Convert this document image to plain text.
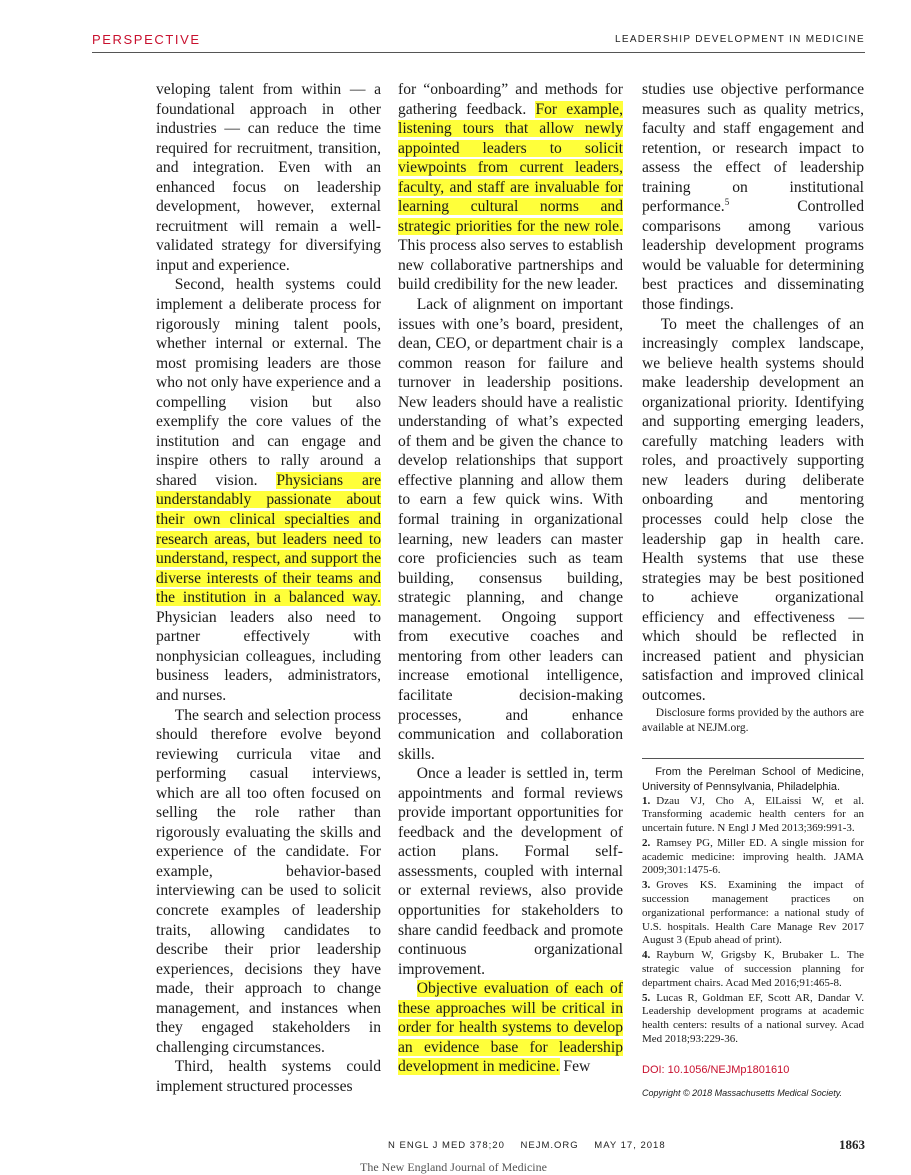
PERSPECTIVE	LEADERSHIP DEVELOPMENT IN MEDICINE

veloping talent from within — a foundational approach in other industries — can reduce the time required for recruitment, transition, and integration. Even with an enhanced focus on leadership development, however, external recruitment will remain a well-validated strategy for diversifying input and experience.

Second, health systems could implement a deliberate process for rigorously mining talent pools, whether internal or external. The most promising leaders are those who not only have experience and a compelling vision but also exemplify the core values of the institution and can engage and inspire others to rally around a shared vision. Physicians are understandably passionate about their own clinical specialties and research areas, but leaders need to understand, respect, and support the diverse interests of their teams and the institution in a balanced way. Physician leaders also need to partner effectively with nonphysician colleagues, including business leaders, administrators, and nurses.

The search and selection process should therefore evolve beyond reviewing curricula vitae and performing casual interviews, which are all too often focused on selling the role rather than rigorously evaluating the skills and experience of the candidate. For example, behavior-based interviewing can be used to solicit concrete examples of leadership traits, allowing candidates to describe their prior leadership experiences, decisions they have made, their approach to change management, and instances when they engaged stakeholders in challenging circumstances.

Third, health systems could implement structured processes

for “onboarding” and methods for gathering feedback. For example, listening tours that allow newly appointed leaders to solicit viewpoints from current leaders, faculty, and staff are invaluable for learning cultural norms and strategic priorities for the new role. This process also serves to establish new collaborative partnerships and build credibility for the new leader.

Lack of alignment on important issues with one’s board, president, dean, CEO, or department chair is a common reason for failure and turnover in leadership positions. New leaders should have a realistic understanding of what’s expected of them and be given the chance to develop relationships that support effective planning and allow them to earn a few quick wins. With formal training in organizational learning, new leaders can master core proficiencies such as team building, consensus building, strategic planning, and change management. Ongoing support from executive coaches and mentoring from other leaders can increase emotional intelligence, facilitate decision-making processes, and enhance communication and collaboration skills.

Once a leader is settled in, term appointments and formal reviews provide important opportunities for feedback and the development of action plans. Formal self-assessments, coupled with internal or external reviews, also provide opportunities for stakeholders to share candid feedback and promote continuous organizational improvement.

Objective evaluation of each of these approaches will be critical in order for health systems to develop an evidence base for leadership development in medicine. Few

studies use objective performance measures such as quality metrics, faculty and staff engagement and retention, or research impact to assess the effect of leadership training on institutional performance.$^5$ Controlled comparisons among various leadership development programs would be valuable for determining best practices and disseminating those findings.

To meet the challenges of an increasingly complex landscape, we believe health systems should make leadership development an organizational priority. Identifying and supporting emerging leaders, carefully matching leaders with roles, and proactively supporting new leaders during deliberate onboarding and mentoring processes could help close the leadership gap in health care. Health systems that use these strategies may be best positioned to achieve organizational efficiency and effectiveness — which should be reflected in increased patient and physician satisfaction and improved clinical outcomes.

Disclosure forms provided by the authors are available at NEJM.org.

From the Perelman School of Medicine, University of Pennsylvania, Philadelphia.

1. Dzau VJ, Cho A, ElLaissi W, et al. Transforming academic health centers for an uncertain future. N Engl J Med 2013;369:991-3.
2. Ramsey PG, Miller ED. A single mission for academic medicine: improving health. JAMA 2009;301:1475-6.
3. Groves KS. Examining the impact of succession management practices on organizational performance: a national study of U.S. hospitals. Health Care Manage Rev 2017 August 3 (Epub ahead of print).
4. Rayburn W, Grigsby K, Brubaker L. The strategic value of succession planning for department chairs. Acad Med 2016;91:465-8.
5. Lucas R, Goldman EF, Scott AR, Dandar V. Leadership development programs at academic health centers: results of a national survey. Acad Med 2018;93:229-36.
DOI: 10.1056/NEJMp1801610
Copyright © 2018 Massachusetts Medical Society.
N ENGL J MED 378;20 NEJM.ORG MAY 17, 2018	1863
The New England Journal of Medicine
